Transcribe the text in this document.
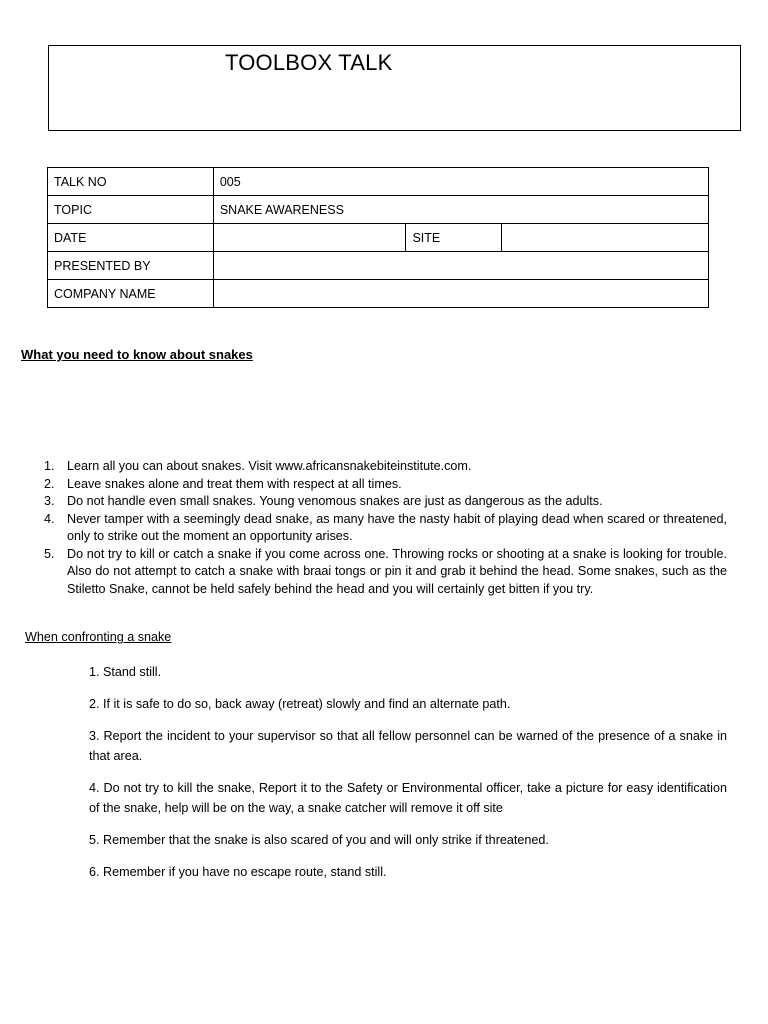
TOOLBOX TALK
TALK NO	005		
TOPIC	SNAKE AWARENESS		
DATE		SITE	
PRESENTED BY			
COMPANY NAME			
What you need to know about snakes
1. Learn all you can about snakes. Visit www.africansnakebiteinstitute.com.
2. Leave snakes alone and treat them with respect at all times.
3. Do not handle even small snakes. Young venomous snakes are just as dangerous as the adults.
4. Never tamper with a seemingly dead snake, as many have the nasty habit of playing dead when scared or threatened, only to strike out the moment an opportunity arises.
5. Do not try to kill or catch a snake if you come across one. Throwing rocks or shooting at a snake is looking for trouble. Also do not attempt to catch a snake with braai tongs or pin it and grab it behind the head. Some snakes, such as the Stiletto Snake, cannot be held safely behind the head and you will certainly get bitten if you try.
When confronting a snake
1. Stand still.
2. If it is safe to do so, back away (retreat) slowly and find an alternate path.
3. Report the incident to your supervisor so that all fellow personnel can be warned of the presence of a snake in that area.
4. Do not try to kill the snake, Report it to the Safety or Environmental officer, take a picture for easy identification of the snake, help will be on the way, a snake catcher will remove it off site
5. Remember that the snake is also scared of you and will only strike if threatened.
6. Remember if you have no escape route, stand still.
